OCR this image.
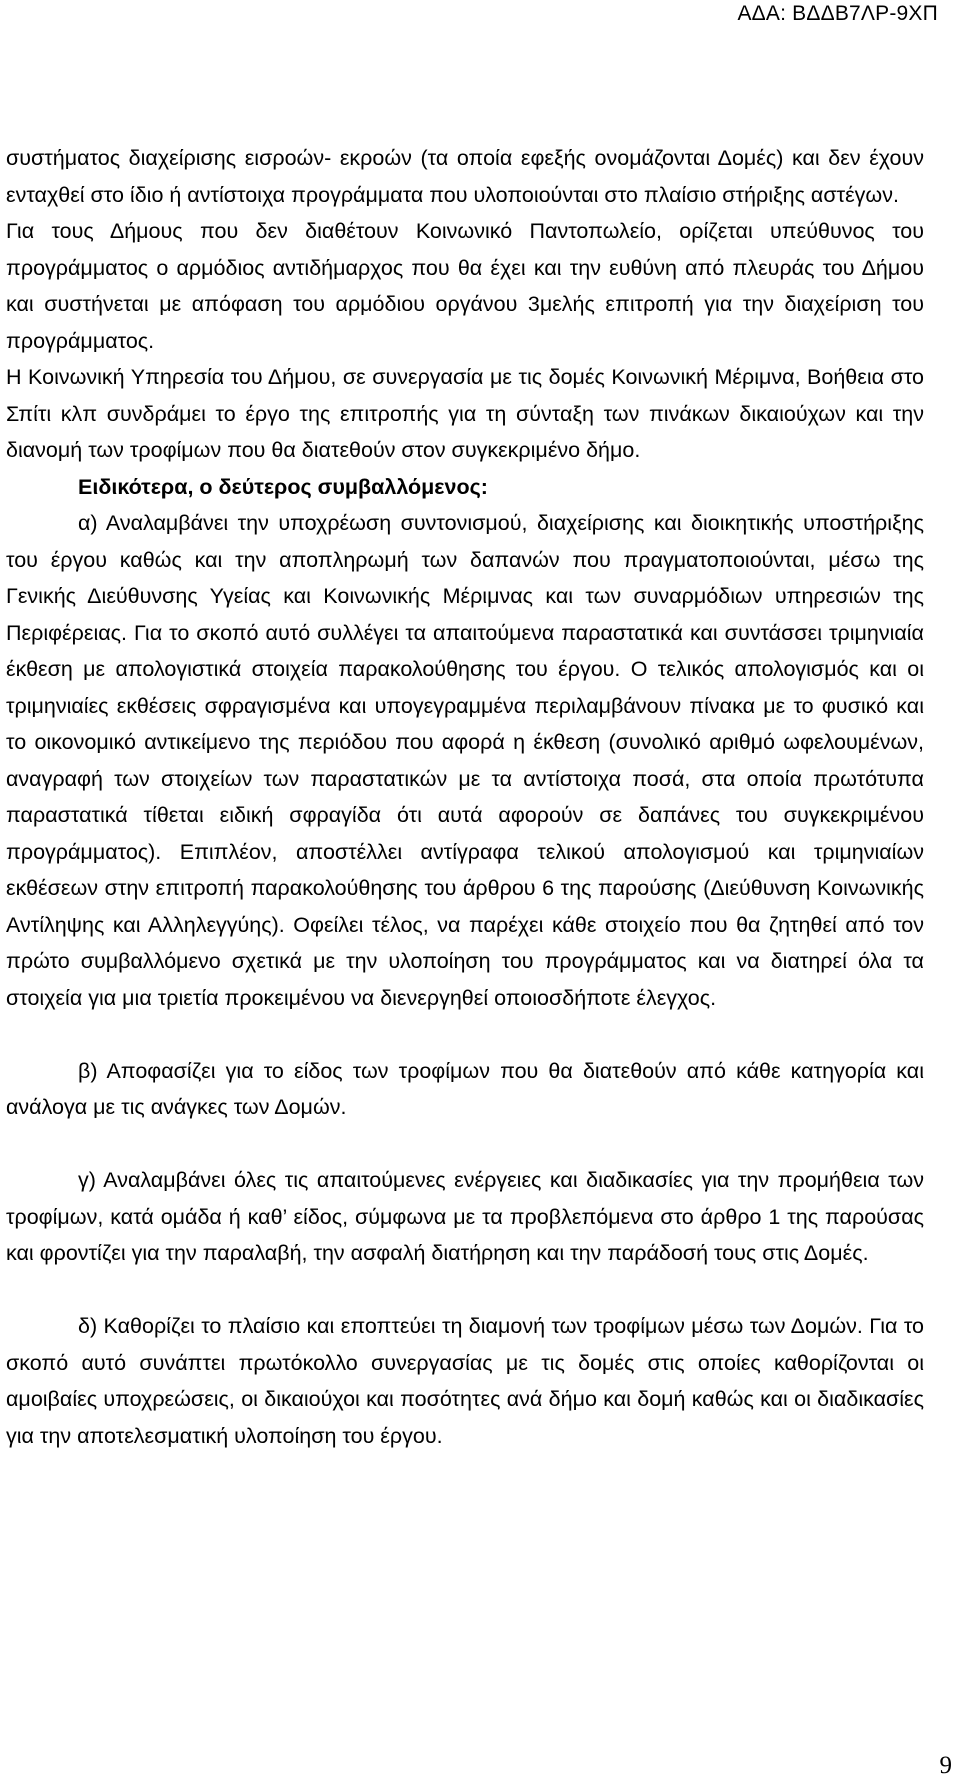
ΑΔΑ: ΒΔΔΒ7ΛΡ-9ΧΠ

συστήματος διαχείρισης εισροών- εκροών (τα οποία εφεξής ονομάζονται Δομές) και δεν έχουν ενταχθεί στο ίδιο ή αντίστοιχα προγράμματα που υλοποιούνται στο πλαίσιο στήριξης αστέγων.

Για τους Δήμους που δεν διαθέτουν Κοινωνικό Παντοπωλείο, ορίζεται υπεύθυνος του προγράμματος ο αρμόδιος αντιδήμαρχος που θα έχει και την ευθύνη από πλευράς του Δήμου και συστήνεται με απόφαση του αρμόδιου οργάνου 3μελής επιτροπή για την διαχείριση του προγράμματος.

Η Κοινωνική Υπηρεσία του Δήμου, σε συνεργασία με τις δομές Κοινωνική Μέριμνα, Βοήθεια στο Σπίτι κλπ συνδράμει το έργο της επιτροπής για τη σύνταξη των πινάκων δικαιούχων και την διανομή των τροφίμων που θα διατεθούν στον συγκεκριμένο δήμο.

Ειδικότερα, ο δεύτερος συμβαλλόμενος:

α) Αναλαμβάνει την υποχρέωση συντονισμού, διαχείρισης και διοικητικής υποστήριξης του έργου καθώς και την αποπληρωμή των δαπανών που πραγματοποιούνται, μέσω της Γενικής Διεύθυνσης Υγείας και Κοινωνικής Μέριμνας και των συναρμόδιων υπηρεσιών της Περιφέρειας. Για το σκοπό αυτό συλλέγει τα απαιτούμενα παραστατικά και συντάσσει τριμηνιαία έκθεση με απολογιστικά στοιχεία παρακολούθησης του έργου. Ο τελικός απολογισμός και οι τριμηνιαίες εκθέσεις σφραγισμένα και υπογεγραμμένα περιλαμβάνουν πίνακα με το φυσικό και το οικονομικό αντικείμενο της περιόδου που αφορά η έκθεση (συνολικό αριθμό ωφελουμένων, αναγραφή των στοιχείων των παραστατικών με τα αντίστοιχα ποσά, στα οποία πρωτότυπα παραστατικά τίθεται ειδική σφραγίδα ότι αυτά αφορούν σε δαπάνες του συγκεκριμένου προγράμματος). Επιπλέον, αποστέλλει αντίγραφα τελικού απολογισμού και τριμηνιαίων εκθέσεων στην επιτροπή παρακολούθησης του άρθρου 6 της παρούσης (Διεύθυνση Κοινωνικής Αντίληψης και Αλληλεγγύης). Οφείλει τέλος, να παρέχει κάθε στοιχείο που θα ζητηθεί από τον πρώτο συμβαλλόμενο σχετικά με την υλοποίηση του προγράμματος και να διατηρεί όλα τα στοιχεία για μια τριετία προκειμένου να διενεργηθεί οποιοσδήποτε έλεγχος.

β) Αποφασίζει για το είδος των τροφίμων που θα διατεθούν από κάθε κατηγορία και ανάλογα με τις ανάγκες των Δομών.

γ) Αναλαμβάνει όλες τις απαιτούμενες ενέργειες και διαδικασίες για την προμήθεια των τροφίμων, κατά ομάδα ή καθ’ είδος, σύμφωνα με τα προβλεπόμενα στο άρθρο 1 της παρούσας και φροντίζει για την παραλαβή, την ασφαλή διατήρηση και την παράδοσή τους στις Δομές.

δ) Καθορίζει το πλαίσιο και εποπτεύει τη διαμονή των τροφίμων μέσω των Δομών. Για το σκοπό αυτό συνάπτει πρωτόκολλο συνεργασίας με τις δομές στις οποίες καθορίζονται οι αμοιβαίες υποχρεώσεις, οι δικαιούχοι και ποσότητες ανά δήμο και δομή καθώς και οι διαδικασίες για την αποτελεσματική υλοποίηση του έργου.

9
